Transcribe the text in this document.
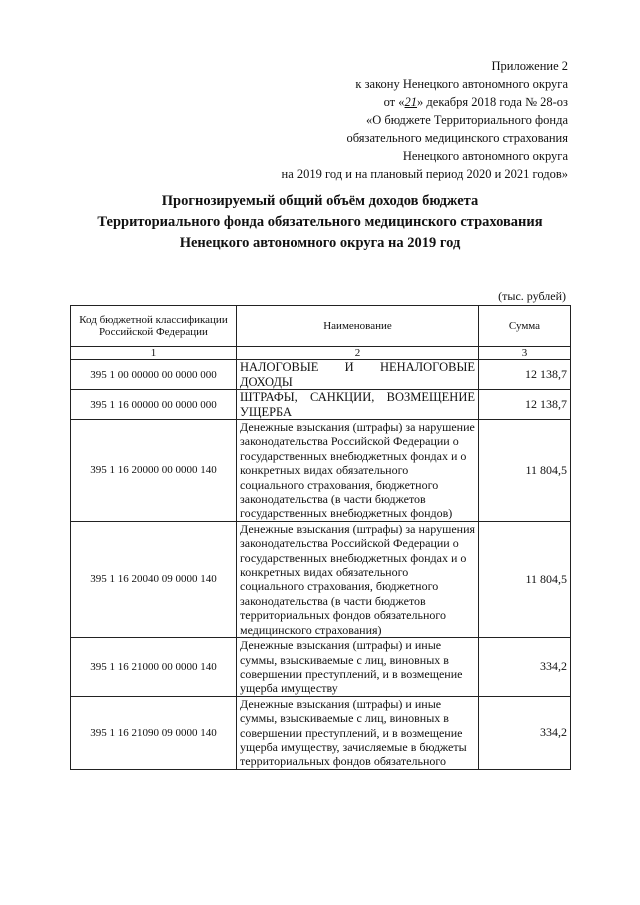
Приложение 2
к закону Ненецкого автономного округа
от «21» декабря 2018 года № 28-оз
«О бюджете Территориального фонда
обязательного медицинского страхования
Ненецкого автономного округа
на 2019 год и на плановый период 2020 и 2021 годов»
Прогнозируемый общий объём доходов бюджета
Территориального фонда обязательного медицинского страхования
Ненецкого автономного округа на 2019 год
(тыс. рублей)
Код бюджетной классификации Российской Федерации	Наименование	Сумма
1	2	3
395 1 00 00000 00 0000 000	НАЛОГОВЫЕ И НЕНАЛОГОВЫЕ ДОХОДЫ	12 138,7
395 1 16 00000 00 0000 000	ШТРАФЫ, САНКЦИИ, ВОЗМЕЩЕНИЕ УЩЕРБА	12 138,7
395 1 16 20000 00 0000 140	Денежные взыскания (штрафы) за нарушение законодательства Российской Федерации о государственных внебюджетных фондах и о конкретных видах обязательного социального страхования, бюджетного законодательства (в части бюджетов государственных внебюджетных фондов)	11 804,5
395 1 16 20040 09 0000 140	Денежные взыскания (штрафы) за нарушения законодательства Российской Федерации о государственных внебюджетных фондах и о конкретных видах обязательного социального страхования, бюджетного законодательства (в части бюджетов территориальных фондов обязательного медицинского страхования)	11 804,5
395 1 16 21000 00 0000 140	Денежные взыскания (штрафы) и иные суммы, взыскиваемые с лиц, виновных в совершении преступлений, и в возмещение ущерба имуществу	334,2
395 1 16 21090 09 0000 140	Денежные взыскания (штрафы) и иные суммы, взыскиваемые с лиц, виновных в совершении преступлений, и в возмещение ущерба имуществу, зачисляемые в бюджеты территориальных фондов обязательного	334,2
